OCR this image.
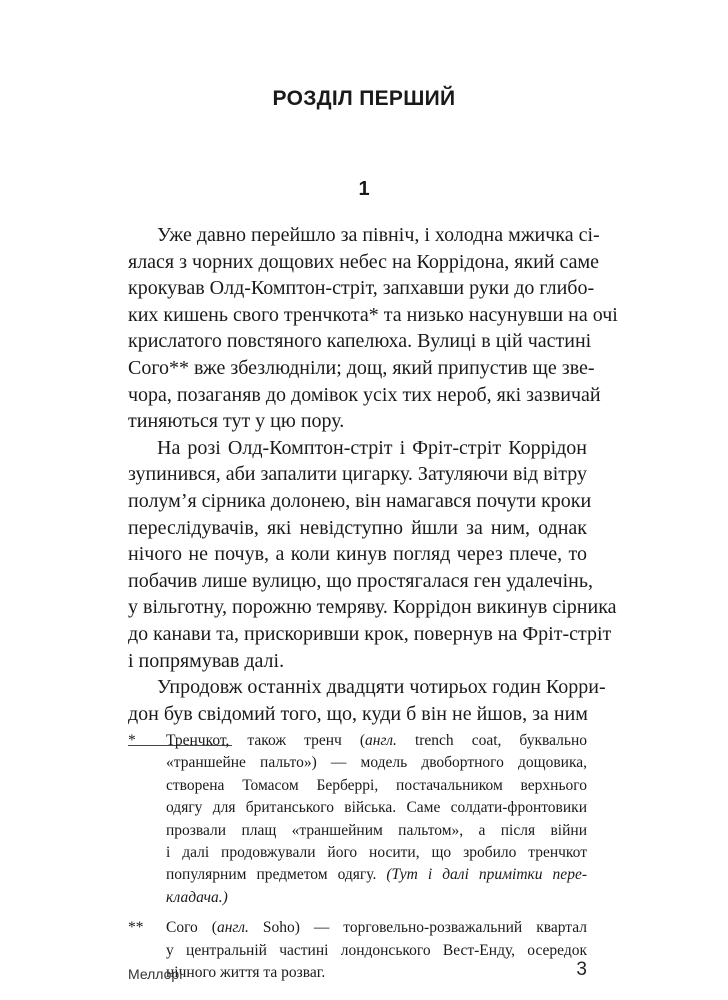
РОЗДІЛ ПЕРШИЙ
1
Уже давно перейшло за північ, і холодна мжичка сі-
ялася з чорних дощових небес на Коррідона, який саме
крокував Олд-Комптон-стріт, запхавши руки до глибо-
ких кишень свого тренчкота* та низько насунувши на очі
крислатого повстяного капелюха. Вулиці в цій частині
Сого** вже збезлюдніли; дощ, який припустив ще зве-
чора, позаганяв до домівок усіх тих нероб, які зазвичай
тиняються тут у цю пору.
На розі Олд-Комптон-стріт і Фріт-стріт Коррідон
зупинився, аби запалити цигарку. Затуляючи від вітру
полум’я сірника долонею, він намагався почути кроки
переслідувачів, які невідступно йшли за ним, однак
нічого не почув, а коли кинув погляд через плече, то
побачив лише вулицю, що простягалася ген удалечінь,
у вільготну, порожню темряву. Коррідон викинув сірника
до канави та, прискоривши крок, повернув на Фріт-стріт
і попрямував далі.
Упродовж останніх двадцяти чотирьох годин Корри-
дон був свідомий того, що, куди б він не йшов, за ним
* Тренчкот, також тренч (англ. trench coat, буквально
«траншейне пальто») — модель двобортного дощовика,
створена Томасом Берберрі, постачальником верхнього
одягу для британського війська. Саме солдати-фронтовики
прозвали плащ «траншейним пальтом», а після війни
і далі продовжували його носити, що зробило тренчкот
популярним предметом одягу. (Тут і далі примітки пере-
кладача.)
** Сого (англ. Soho) — торговельно-розважальний квартал
у центральній частині лондонського Вест-Енду, осередок
нічного життя та розваг.
Меллорі	3
